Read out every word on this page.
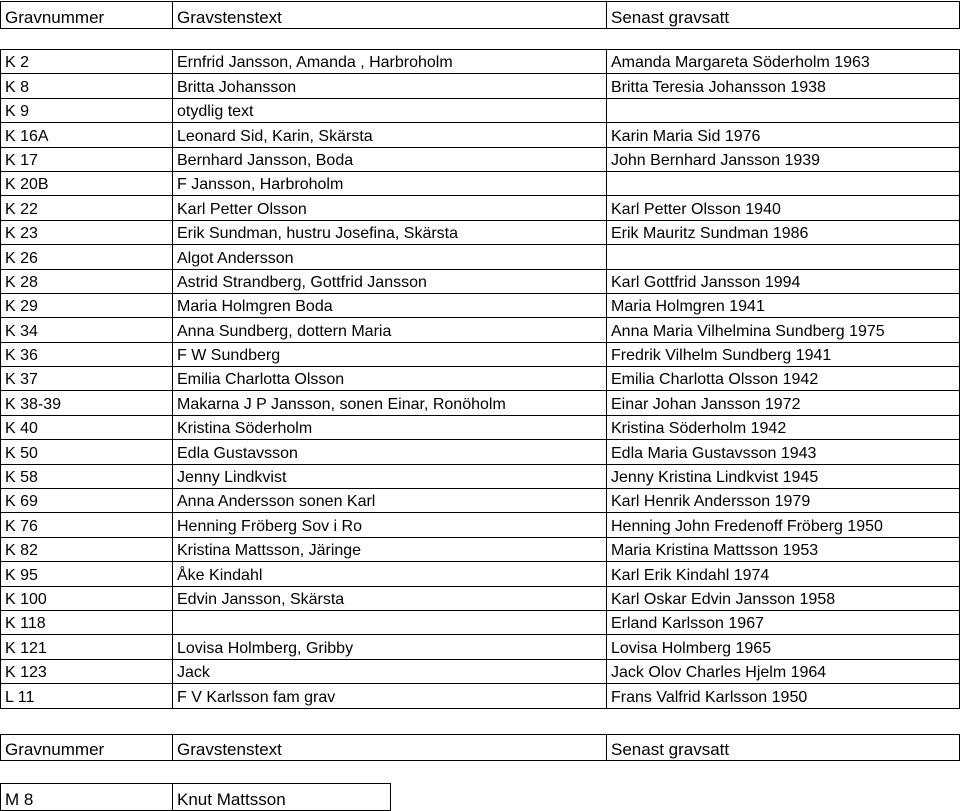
Gravnummer	Gravstenstext	Senast gravsatt
K 2	Ernfrid Jansson, Amanda , Harbroholm	Amanda Margareta Söderholm 1963
K 8	Britta Johansson	Britta Teresia Johansson 1938
K 9	otydlig text	
K 16A	Leonard Sid, Karin, Skärsta	Karin Maria Sid 1976
K 17	Bernhard Jansson, Boda	John Bernhard Jansson 1939
K 20B	F Jansson, Harbroholm	
K 22	Karl Petter Olsson	Karl Petter Olsson 1940
K 23	Erik Sundman, hustru Josefina, Skärsta	Erik Mauritz Sundman 1986
K 26	Algot Andersson	
K 28	Astrid Strandberg, Gottfrid Jansson	Karl Gottfrid Jansson 1994
K 29	Maria Holmgren Boda	Maria Holmgren 1941
K 34	Anna Sundberg, dottern Maria	Anna Maria Vilhelmina Sundberg 1975
K 36	F W Sundberg	Fredrik Vilhelm Sundberg 1941
K 37	Emilia Charlotta Olsson	Emilia Charlotta Olsson 1942
K 38-39	Makarna J P Jansson, sonen Einar, Ronöholm	Einar Johan Jansson 1972
K 40	Kristina Söderholm	Kristina Söderholm 1942
K 50	Edla Gustavsson	Edla Maria Gustavsson 1943
K 58	Jenny Lindkvist	Jenny Kristina Lindkvist 1945
K 69	Anna Andersson sonen Karl	Karl Henrik Andersson 1979
K 76	Henning Fröberg Sov i Ro	Henning John Fredenoff Fröberg 1950
K 82	Kristina Mattsson, Järinge	Maria Kristina Mattsson 1953
K 95	Åke Kindahl	Karl Erik Kindahl 1974
K 100	Edvin Jansson, Skärsta	Karl Oskar Edvin Jansson 1958
K 118		Erland Karlsson 1967
K 121	Lovisa Holmberg, Gribby	Lovisa Holmberg 1965
K 123	Jack	Jack Olov Charles Hjelm 1964
L 11	F V Karlsson fam grav	Frans Valfrid Karlsson 1950
Gravnummer	Gravstenstext	Senast gravsatt
M 8	Knut Mattsson
